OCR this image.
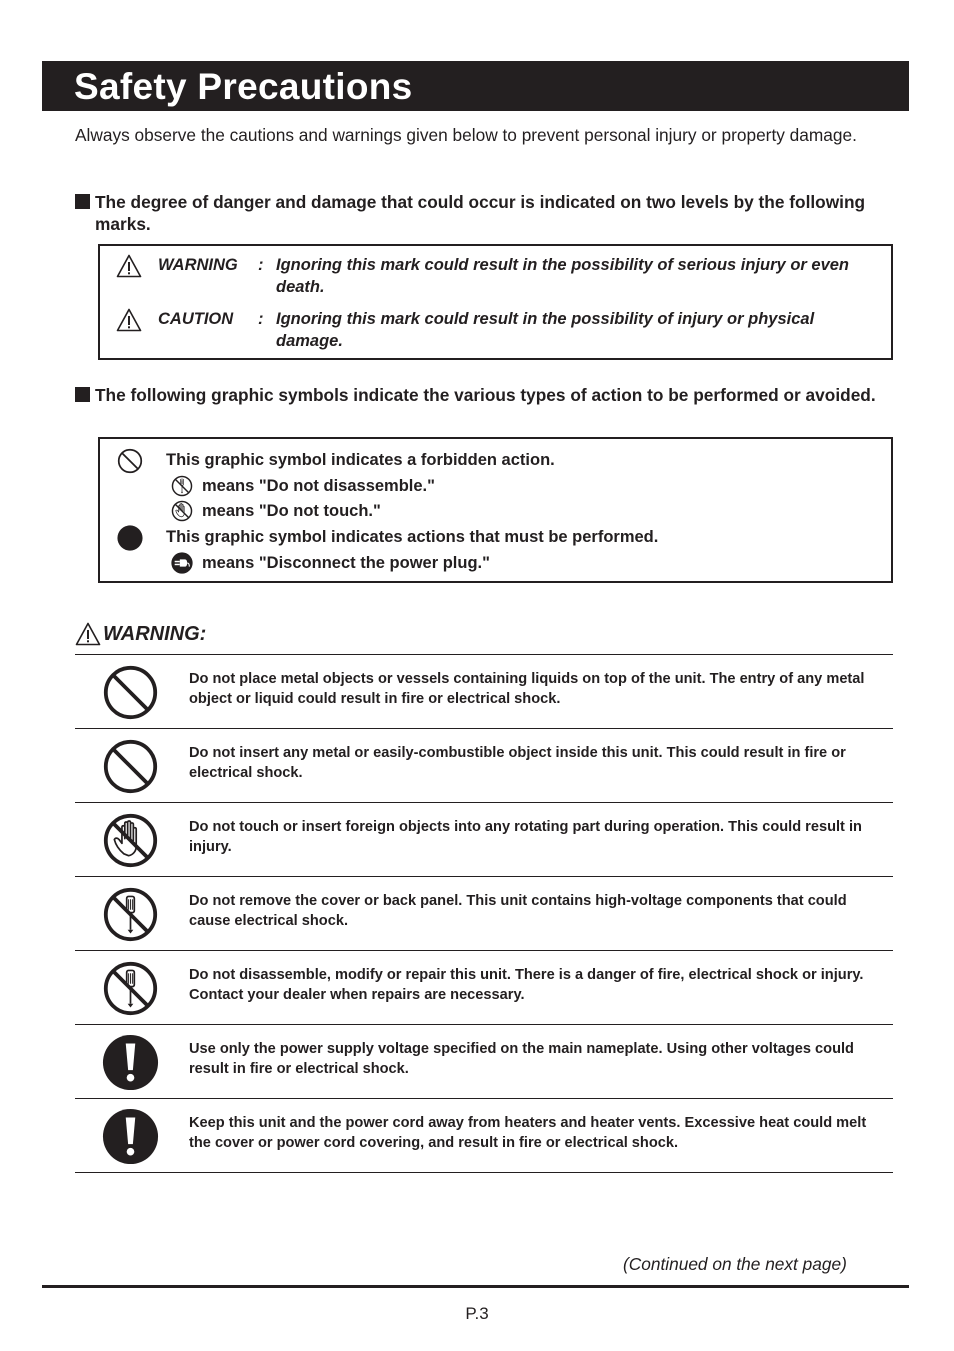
Safety Precautions

Always observe the cautions and warnings given below to prevent personal injury or property damage.

The degree of danger and damage that could occur is indicated on two levels by the following marks.
WARNING : Ignoring this mark could result in the possibility of serious injury or even death.
CAUTION : Ignoring this mark could result in the possibility of injury or physical damage.
The following graphic symbols indicate the various types of action to be performed or avoided.
This graphic symbol indicates a forbidden action.
means "Do not disassemble."
means "Do not touch."
This graphic symbol indicates actions that must be performed.
means "Disconnect the power plug."
WARNING:
Do not place metal objects or vessels containing liquids on top of the unit. The entry of any metal object or liquid could result in fire or electrical shock.
Do not insert any metal or easily-combustible object inside this unit. This could result in fire or electrical shock.
Do not touch or insert foreign objects into any rotating part during operation. This could result in injury.
Do not remove the cover or back panel. This unit contains high-voltage components that could cause electrical shock.
Do not disassemble, modify or repair this unit. There is a danger of fire, electrical shock or injury. Contact your dealer when repairs are necessary.
Use only the power supply voltage specified on the main nameplate. Using other voltages could result in fire or electrical shock.
Keep this unit and the power cord away from heaters and heater vents. Excessive heat could melt the cover or power cord covering, and result in fire or electrical shock.
(Continued on the next page)
P.3
